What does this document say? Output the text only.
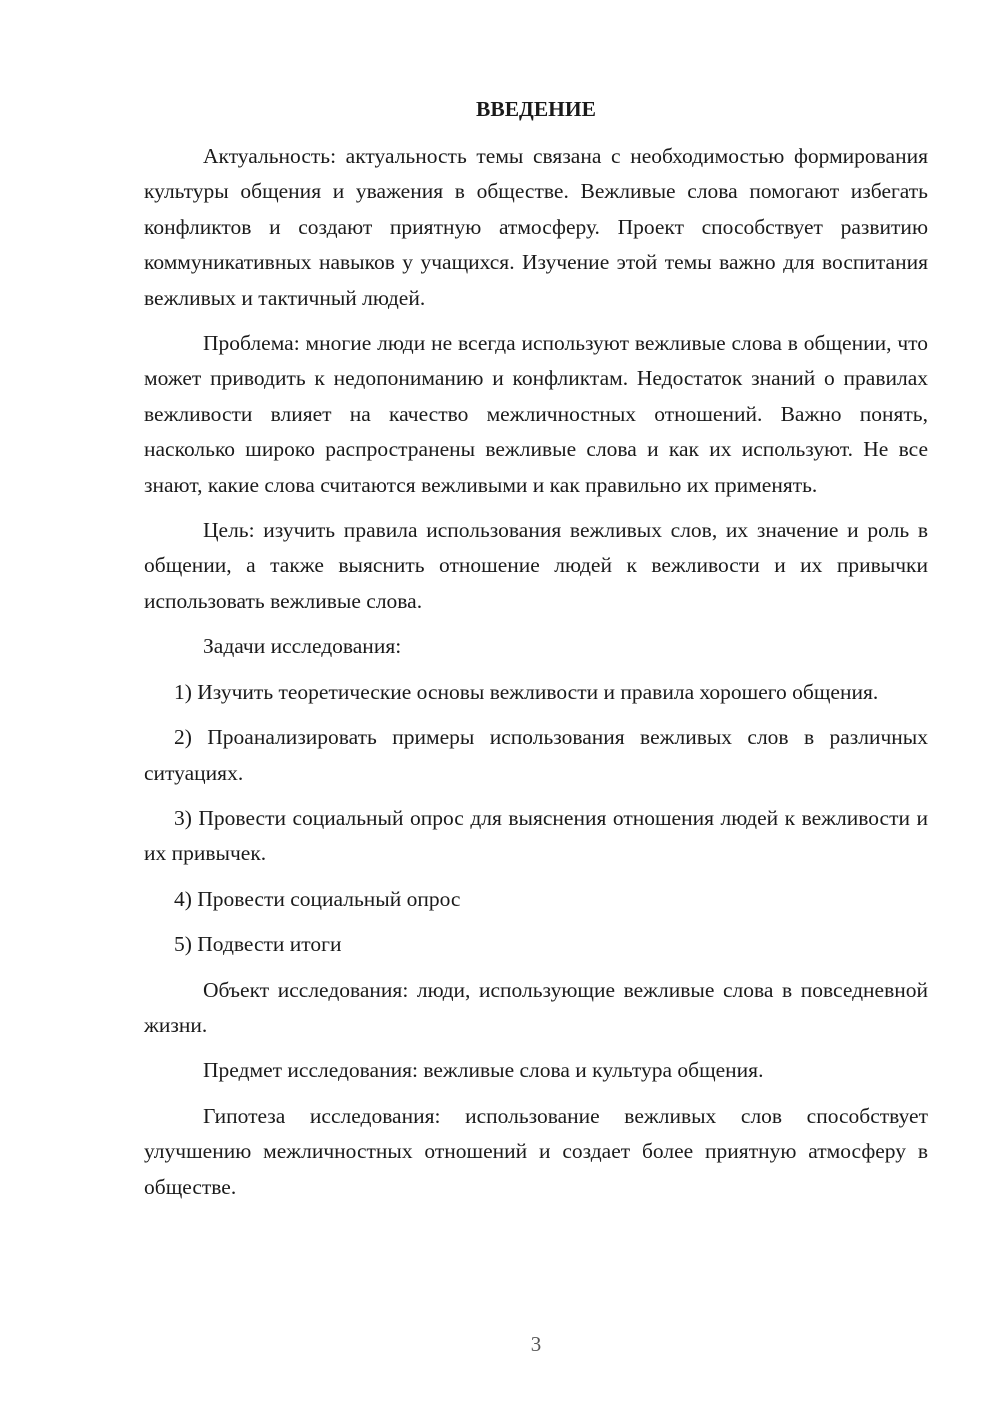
ВВЕДЕНИЕ

Актуальность: актуальность темы связана с необходимостью формирования культуры общения и уважения в обществе. Вежливые слова помогают избегать конфликтов и создают приятную атмосферу. Проект способствует развитию коммуникативных навыков у учащихся. Изучение этой темы важно для воспитания вежливых и тактичный людей.

Проблема: многие люди не всегда используют вежливые слова в общении, что может приводить к недопониманию и конфликтам. Недостаток знаний о правилах вежливости влияет на качество межличностных отношений. Важно понять, насколько широко распространены вежливые слова и как их используют. Не все знают, какие слова считаются вежливыми и как правильно их применять.

Цель: изучить правила использования вежливых слов, их значение и роль в общении, а также выяснить отношение людей к вежливости и их привычки использовать вежливые слова.

Задачи исследования:

1) Изучить теоретические основы вежливости и правила хорошего общения.

2) Проанализировать примеры использования вежливых слов в различных ситуациях.

3) Провести социальный опрос для выяснения отношения людей к вежливости и их привычек.

4) Провести социальный опрос

5) Подвести итоги

Объект исследования: люди, использующие вежливые слова в повседневной жизни.

Предмет исследования: вежливые слова и культура общения.

Гипотеза исследования: использование вежливых слов способствует улучшению межличностных отношений и создает более приятную атмосферу в обществе.

3
